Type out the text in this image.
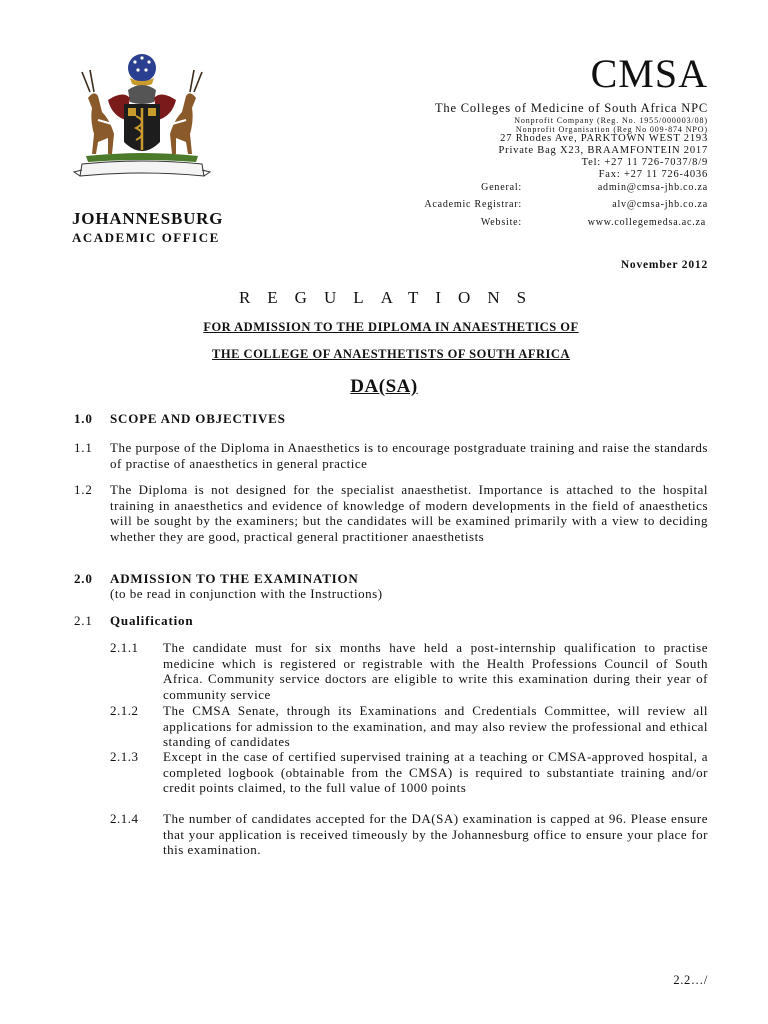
CMSA
The Colleges of Medicine of South Africa NPC
Nonprofit Company (Reg. No. 1955/000003/08)
Nonprofit Organisation (Reg No 009-874 NPO)
27 Rhodes Ave, PARKTOWN WEST 2193
Private Bag X23, BRAAMFONTEIN 2017
Tel: +27 11 726-7037/8/9
Fax: +27 11 726-4036
General:	admin@cmsa-jhb.co.za
Academic Registrar:	alv@cmsa-jhb.co.za
Website:	www.collegemedsa.ac.za
JOHANNESBURG
ACADEMIC OFFICE
November 2012
REGULATIONS
FOR ADMISSION TO THE DIPLOMA IN ANAESTHETICS OF
THE COLLEGE OF ANAESTHETISTS OF SOUTH AFRICA
DA(SA)
1.0 SCOPE AND OBJECTIVES
1.1 The purpose of the Diploma in Anaesthetics is to encourage postgraduate training and raise the standards of practise of anaesthetics in general practice
1.2 The Diploma is not designed for the specialist anaesthetist. Importance is attached to the hospital training in anaesthetics and evidence of knowledge of modern developments in the field of anaesthetics will be sought by the examiners; but the candidates will be examined primarily with a view to deciding whether they are good, practical general practitioner anaesthetists
2.0 ADMISSION TO THE EXAMINATION
(to be read in conjunction with the Instructions)
2.1 Qualification
2.1.1 The candidate must for six months have held a post-internship qualification to practise medicine which is registered or registrable with the Health Professions Council of South Africa. Community service doctors are eligible to write this examination during their year of community service
2.1.2 The CMSA Senate, through its Examinations and Credentials Committee, will review all applications for admission to the examination, and may also review the professional and ethical standing of candidates
2.1.3 Except in the case of certified supervised training at a teaching or CMSA-approved hospital, a completed logbook (obtainable from the CMSA) is required to substantiate training and/or credit points claimed, to the full value of 1000 points
2.1.4 The number of candidates accepted for the DA(SA) examination is capped at 96. Please ensure that your application is received timeously by the Johannesburg office to ensure your place for this examination.
2.2…/
